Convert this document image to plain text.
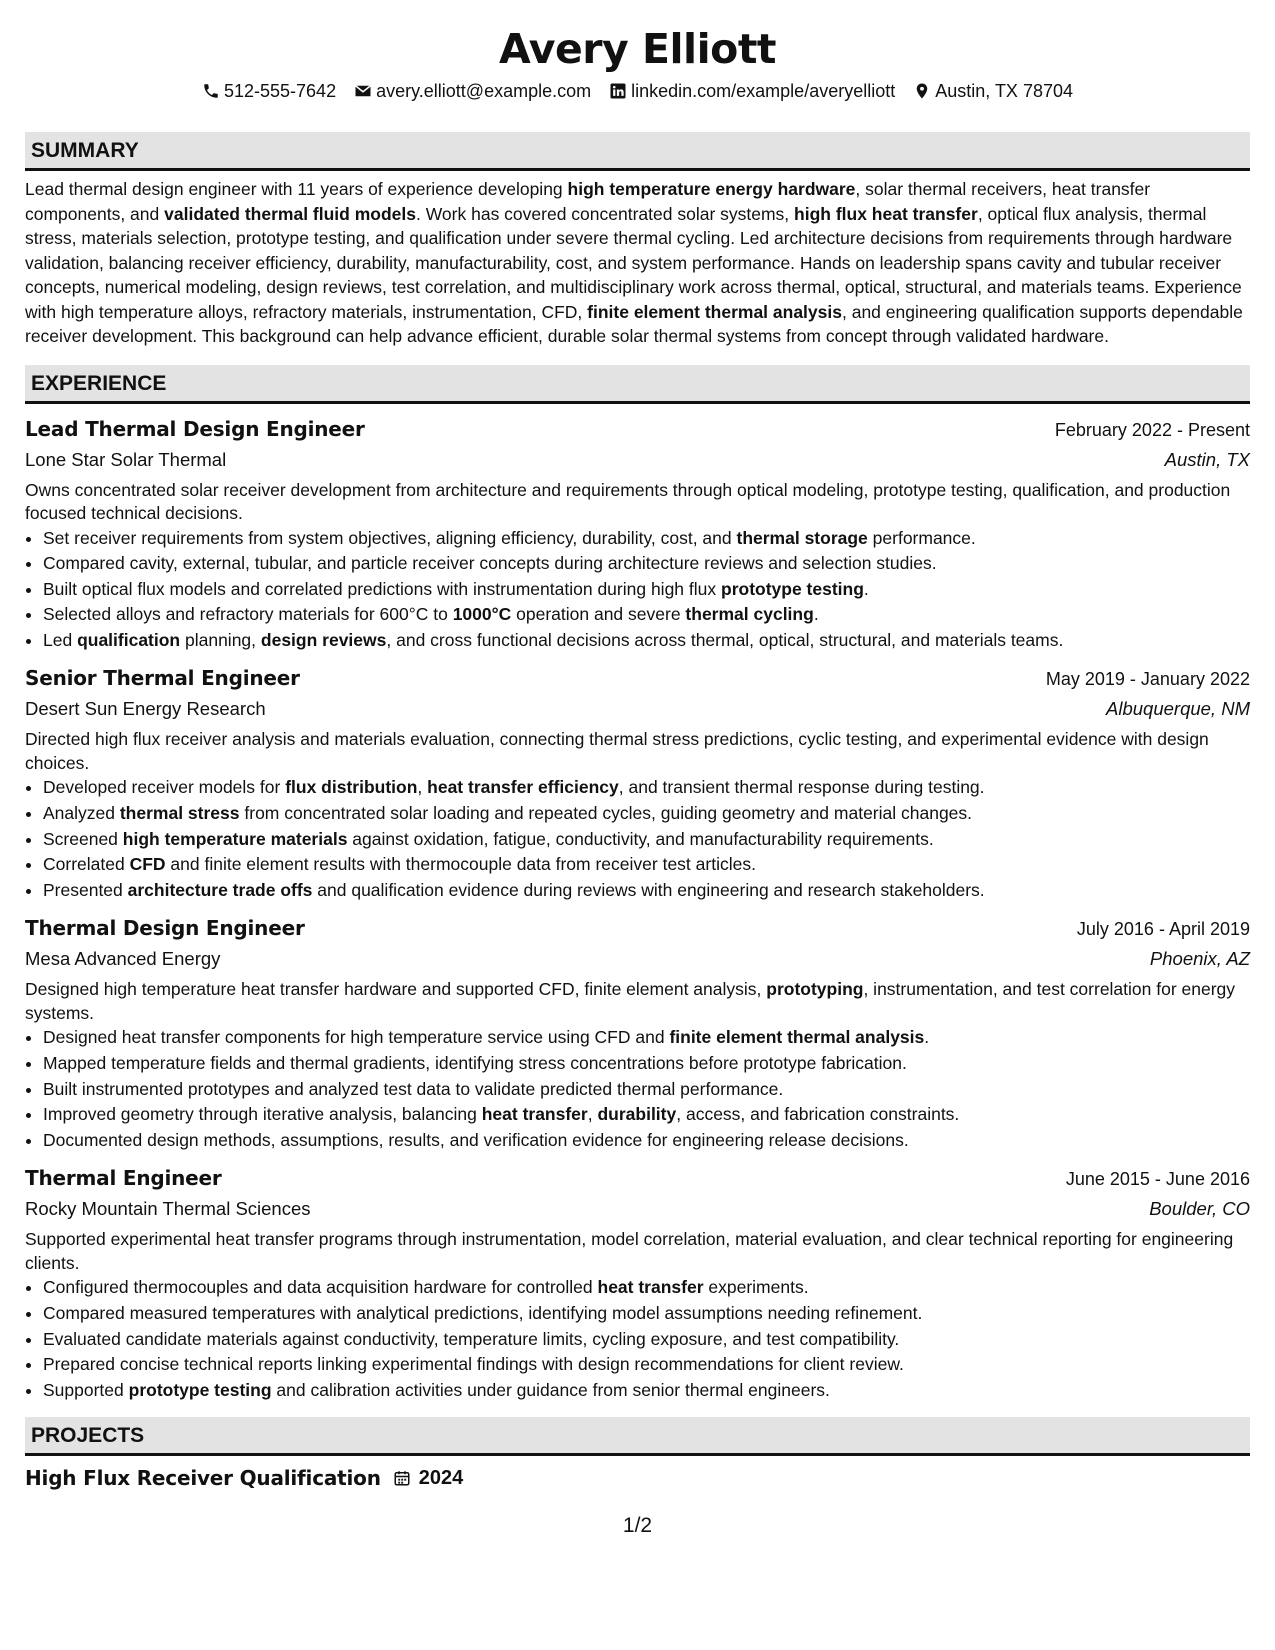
Avery Elliott
512-555-7642 avery.elliott@example.com linkedin.com/example/averyelliott Austin, TX 78704
SUMMARY

Lead thermal design engineer with 11 years of experience developing high temperature energy hardware, solar thermal receivers, heat transfer components, and validated thermal fluid models. Work has covered concentrated solar systems, high flux heat transfer, optical flux analysis, thermal stress, materials selection, prototype testing, and qualification under severe thermal cycling. Led architecture decisions from requirements through hardware validation, balancing receiver efficiency, durability, manufacturability, cost, and system performance. Hands on leadership spans cavity and tubular receiver concepts, numerical modeling, design reviews, test correlation, and multidisciplinary work across thermal, optical, structural, and materials teams. Experience with high temperature alloys, refractory materials, instrumentation, CFD, finite element thermal analysis, and engineering qualification supports dependable receiver development. This background can help advance efficient, durable solar thermal systems from concept through validated hardware.

EXPERIENCE
Lead Thermal Design Engineer	February 2022 - Present
Lone Star Solar Thermal	Austin, TX

Owns concentrated solar receiver development from architecture and requirements through optical modeling, prototype testing, qualification, and production focused technical decisions.

• Set receiver requirements from system objectives, aligning efficiency, durability, cost, and thermal storage performance.
• Compared cavity, external, tubular, and particle receiver concepts during architecture reviews and selection studies.
• Built optical flux models and correlated predictions with instrumentation during high flux prototype testing.
• Selected alloys and refractory materials for 600°C to 1000°C operation and severe thermal cycling.
• Led qualification planning, design reviews, and cross functional decisions across thermal, optical, structural, and materials teams.
Senior Thermal Engineer	May 2019 - January 2022
Desert Sun Energy Research	Albuquerque, NM

Directed high flux receiver analysis and materials evaluation, connecting thermal stress predictions, cyclic testing, and experimental evidence with design choices.

• Developed receiver models for flux distribution, heat transfer efficiency, and transient thermal response during testing.
• Analyzed thermal stress from concentrated solar loading and repeated cycles, guiding geometry and material changes.
• Screened high temperature materials against oxidation, fatigue, conductivity, and manufacturability requirements.
• Correlated CFD and finite element results with thermocouple data from receiver test articles.
• Presented architecture trade offs and qualification evidence during reviews with engineering and research stakeholders.
Thermal Design Engineer	July 2016 - April 2019
Mesa Advanced Energy	Phoenix, AZ

Designed high temperature heat transfer hardware and supported CFD, finite element analysis, prototyping, instrumentation, and test correlation for energy systems.

• Designed heat transfer components for high temperature service using CFD and finite element thermal analysis.
• Mapped temperature fields and thermal gradients, identifying stress concentrations before prototype fabrication.
• Built instrumented prototypes and analyzed test data to validate predicted thermal performance.
• Improved geometry through iterative analysis, balancing heat transfer, durability, access, and fabrication constraints.
• Documented design methods, assumptions, results, and verification evidence for engineering release decisions.
Thermal Engineer	June 2015 - June 2016
Rocky Mountain Thermal Sciences	Boulder, CO

Supported experimental heat transfer programs through instrumentation, model correlation, material evaluation, and clear technical reporting for engineering clients.

• Configured thermocouples and data acquisition hardware for controlled heat transfer experiments.
• Compared measured temperatures with analytical predictions, identifying model assumptions needing refinement.
• Evaluated candidate materials against conductivity, temperature limits, cycling exposure, and test compatibility.
• Prepared concise technical reports linking experimental findings with design recommendations for client review.
• Supported prototype testing and calibration activities under guidance from senior thermal engineers.
PROJECTS
High Flux Receiver Qualification 2024
1/2
